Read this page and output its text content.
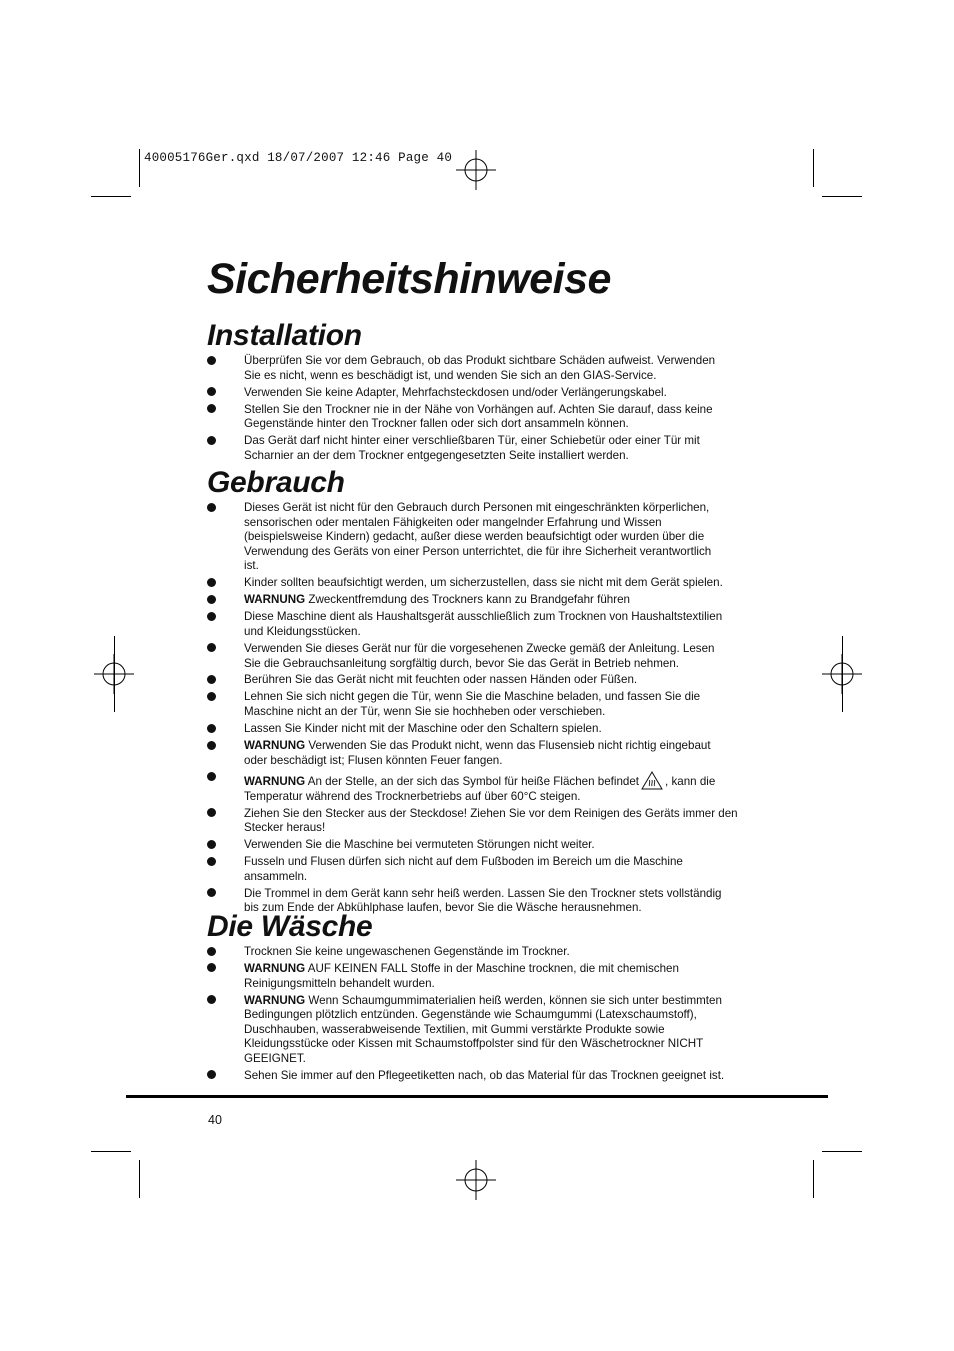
40005176Ger.qxd 18/07/2007 12:46 Page 40
Sicherheitshinweise
Installation
Überprüfen Sie vor dem Gebrauch, ob das Produkt sichtbare Schäden aufweist. Verwenden
Sie es nicht, wenn es beschädigt ist, und wenden Sie sich an den GIAS-Service.
Verwenden Sie keine Adapter, Mehrfachsteckdosen und/oder Verlängerungskabel.
Stellen Sie den Trockner nie in der Nähe von Vorhängen auf. Achten Sie darauf, dass keine
Gegenstände hinter den Trockner fallen oder sich dort ansammeln können.
Das Gerät darf nicht hinter einer verschließbaren Tür, einer Schiebetür oder einer Tür mit
Scharnier an der dem Trockner entgegengesetzten Seite installiert werden.
Gebrauch
Dieses Gerät ist nicht für den Gebrauch durch Personen mit eingeschränkten körperlichen,
sensorischen oder mentalen Fähigkeiten oder mangelnder Erfahrung und Wissen
(beispielsweise Kindern) gedacht, außer diese werden beaufsichtigt oder wurden über die
Verwendung des Geräts von einer Person unterrichtet, die für ihre Sicherheit verantwortlich
ist.
Kinder sollten beaufsichtigt werden, um sicherzustellen, dass sie nicht mit dem Gerät spielen.
WARNUNG Zweckentfremdung des Trockners kann zu Brandgefahr führen
Diese Maschine dient als Haushaltsgerät ausschließlich zum Trocknen von Haushaltstextilien
und Kleidungsstücken.
Verwenden Sie dieses Gerät nur für die vorgesehenen Zwecke gemäß der Anleitung. Lesen
Sie die Gebrauchsanleitung sorgfältig durch, bevor Sie das Gerät in Betrieb nehmen.
Berühren Sie das Gerät nicht mit feuchten oder nassen Händen oder Füßen.
Lehnen Sie sich nicht gegen die Tür, wenn Sie die Maschine beladen, und fassen Sie die
Maschine nicht an der Tür, wenn Sie sie hochheben oder verschieben.
Lassen Sie Kinder nicht mit der Maschine oder den Schaltern spielen.
WARNUNG Verwenden Sie das Produkt nicht, wenn das Flusensieb nicht richtig eingebaut
oder beschädigt ist; Flusen könnten Feuer fangen.
WARNUNG An der Stelle, an der sich das Symbol für heiße Flächen befindet , kann die
Temperatur während des Trocknerbetriebs auf über 60°C steigen.
Ziehen Sie den Stecker aus der Steckdose! Ziehen Sie vor dem Reinigen des Geräts immer den
Stecker heraus!
Verwenden Sie die Maschine bei vermuteten Störungen nicht weiter.
Fusseln und Flusen dürfen sich nicht auf dem Fußboden im Bereich um die Maschine
ansammeln.
Die Trommel in dem Gerät kann sehr heiß werden. Lassen Sie den Trockner stets vollständig
bis zum Ende der Abkühlphase laufen, bevor Sie die Wäsche herausnehmen.
Die Wäsche
Trocknen Sie keine ungewaschenen Gegenstände im Trockner.
WARNUNG AUF KEINEN FALL Stoffe in der Maschine trocknen, die mit chemischen
Reinigungsmitteln behandelt wurden.
WARNUNG Wenn Schaumgummimaterialien heiß werden, können sie sich unter bestimmten
Bedingungen plötzlich entzünden. Gegenstände wie Schaumgummi (Latexschaumstoff),
Duschhauben, wasserabweisende Textilien, mit Gummi verstärkte Produkte sowie
Kleidungsstücke oder Kissen mit Schaumstoffpolster sind für den Wäschetrockner NICHT
GEEIGNET.
Sehen Sie immer auf den Pflegeetiketten nach, ob das Material für das Trocknen geeignet ist.
40
